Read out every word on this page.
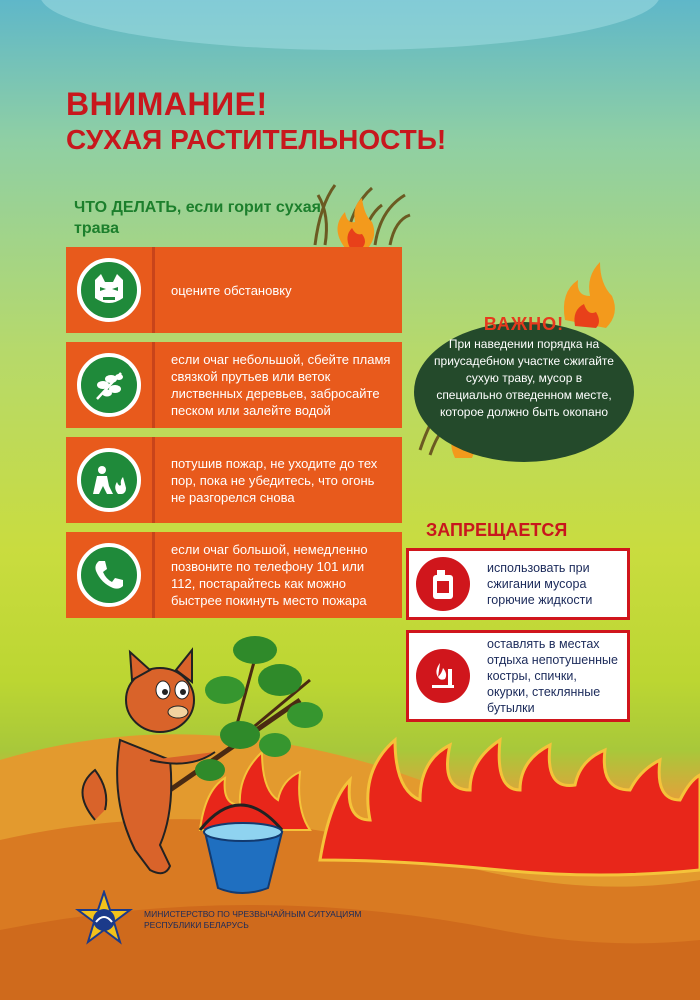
ВНИМАНИЕ!
СУХАЯ РАСТИТЕЛЬНОСТЬ!

ЧТО ДЕЛАТЬ, если горит сухая трава

оцените обстановку
если очаг небольшой, сбейте пламя связкой прутьев или веток лиственных деревьев, забросайте песком или залейте водой
потушив пожар, не уходите до тех пор, пока не убедитесь, что огонь не разгорелся снова
если очаг большой, немедленно позвоните по телефону 101 или 112, постарайтесь как можно быстрее покинуть место пожара
ВАЖНО!
При наведении порядка на приусадебном участке сжигайте сухую траву, мусор в специально отведенном месте, которое должно быть окопано
ЗАПРЕЩАЕТСЯ
использовать при сжигании мусора горючие жидкости
оставлять в местах отдыха непотушенные костры, спички, окурки, стеклянные бутылки
МИНИСТЕРСТВО ПО ЧРЕЗВЫЧАЙНЫМ СИТУАЦИЯМ РЕСПУБЛИКИ БЕЛАРУСЬ
